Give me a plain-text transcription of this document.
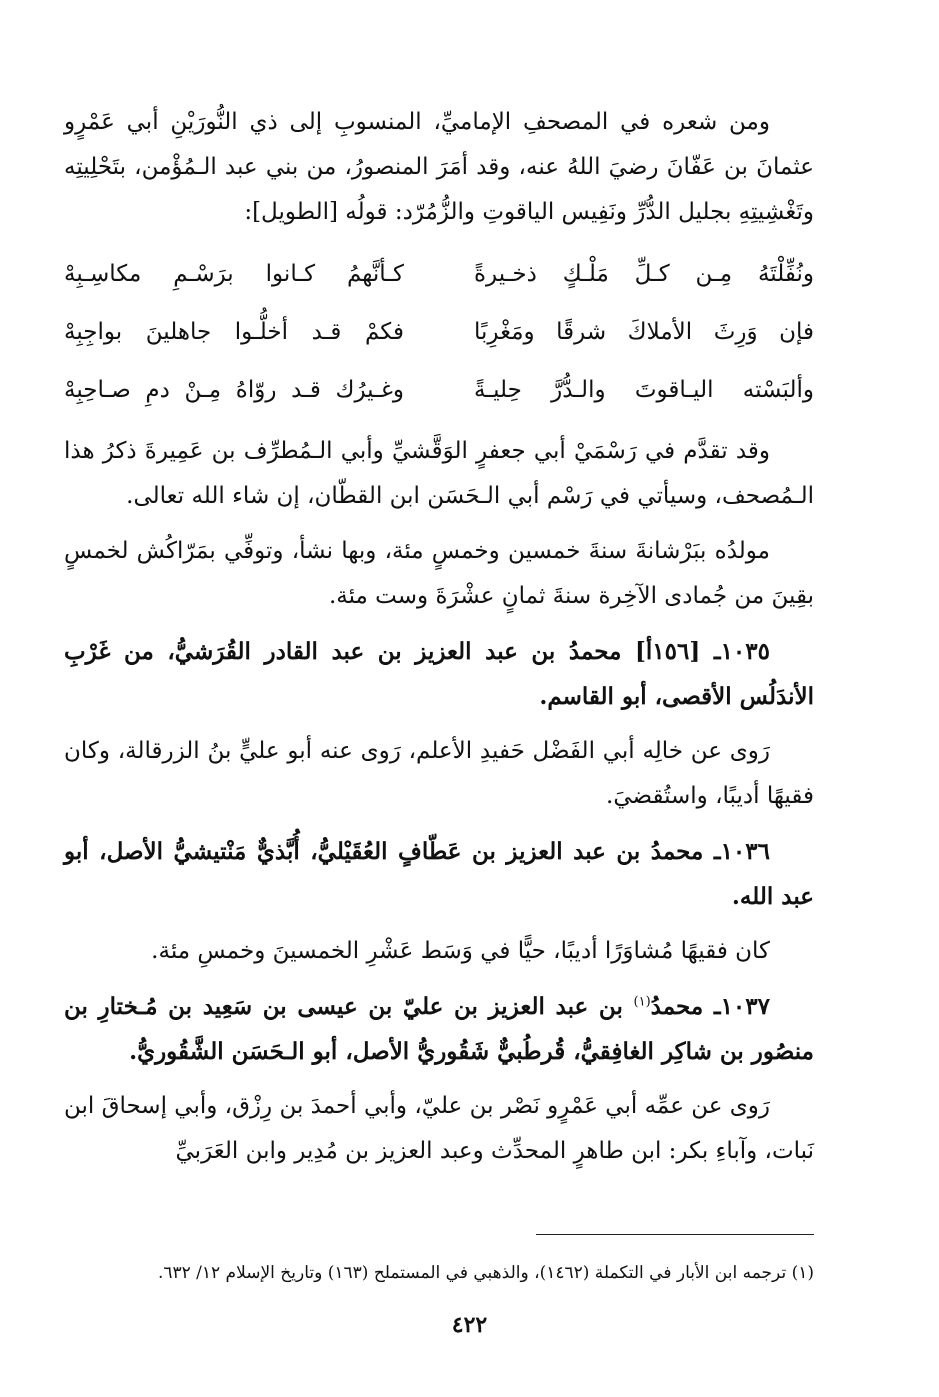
ومن شعره في المصحفِ الإماميِّ، المنسوبِ إلى ذي النُّورَيْنِ أبي عَمْرٍو عثمانَ بن عَفّانَ رضيَ اللهُ عنه، وقد أمَرَ المنصورُ، من بني عبد الـمُؤْمن، بتَحْلِيتِه وتَغْشِيتِهِ بجليل الدُّرِّ ونَفِيس الياقوتِ والزُّمُرّد: قولُه [الطويل]:

ونُفِّلْتَهُ مِـن كـلِّ مَلْـكٍ ذخـيرةً
كـأنَّهمُ كـانوا برَسْـمِ مكاسِـبِهْ
فإن وَرِثَ الأملاكَ شرقًا ومَغْرِبًا
فكمْ قـد أخلُّـوا جاهلينَ بواجِبِهْ
وألبَسْته اليـاقوتَ والـدُّرَّ حِليـةً
وغـيرُك قـد روّاهُ مِـنْ دمِ صـاحِبِهْ

وقد تقدَّم في رَسْمَيْ أبي جعفرٍ الوَقَّشيِّ وأبي الـمُطرِّف بن عَمِيرةَ ذكرُ هذا الـمُصحف، وسيأتي في رَسْم أبي الـحَسَن ابن القطّان، إن شاء الله تعالى.

مولدُه ببَرْشانةَ سنةَ خمسين وخمسٍ مئة، وبها نشأ، وتوفِّي بمَرّاكُش لخمسٍ بقِينَ من جُمادى الآخِرة سنةَ ثمانٍ عشْرَةَ وست مئة.

١٠٣٥ـ [١٥٦أ] محمدُ بن عبد العزيز بن عبد القادر القُرَشيُّ، من غَرْبِ الأندَلُس الأقصى، أبو القاسم.

رَوى عن خالِه أبي الفَضْل حَفيدِ الأعلم، رَوى عنه أبو عليٍّ بنُ الزرقالة، وكان فقيهًا أديبًا، واستُقضيَ.

١٠٣٦ـ محمدُ بن عبد العزيز بن عَطّافٍ العُقَيْليُّ، أُبَّذيٌّ مَنْتيشيُّ الأصل، أبو عبد الله.

كان فقيهًا مُشاوَرًا أديبًا، حيًّا في وَسَط عَشْرِ الخمسينَ وخمسِ مئة.

١٠٣٧ـ محمدُ$^{(١)}$ بن عبد العزيز بن عليّ بن عيسى بن سَعِيد بن مُـختارِ بن منصُور بن شاكِر الغافِقيُّ، قُرطُبيٌّ شَقُوريُّ الأصل، أبو الـحَسَن الشَّقُوريُّ.

رَوى عن عمِّه أبي عَمْرٍو نَصْر بن عليّ، وأبي أحمدَ بن رِزْق، وأبي إسحاقَ ابن نَبات، وآباءِ بكر: ابن طاهرٍ المحدِّث وعبد العزيز بن مُدِير وابن العَرَبيِّ

(١) ترجمه ابن الأبار في التكملة (١٤٦٢)، والذهبي في المستملح (١٦٣) وتاريخ الإسلام ١٢/ ٦٣٢.
٤٢٢
